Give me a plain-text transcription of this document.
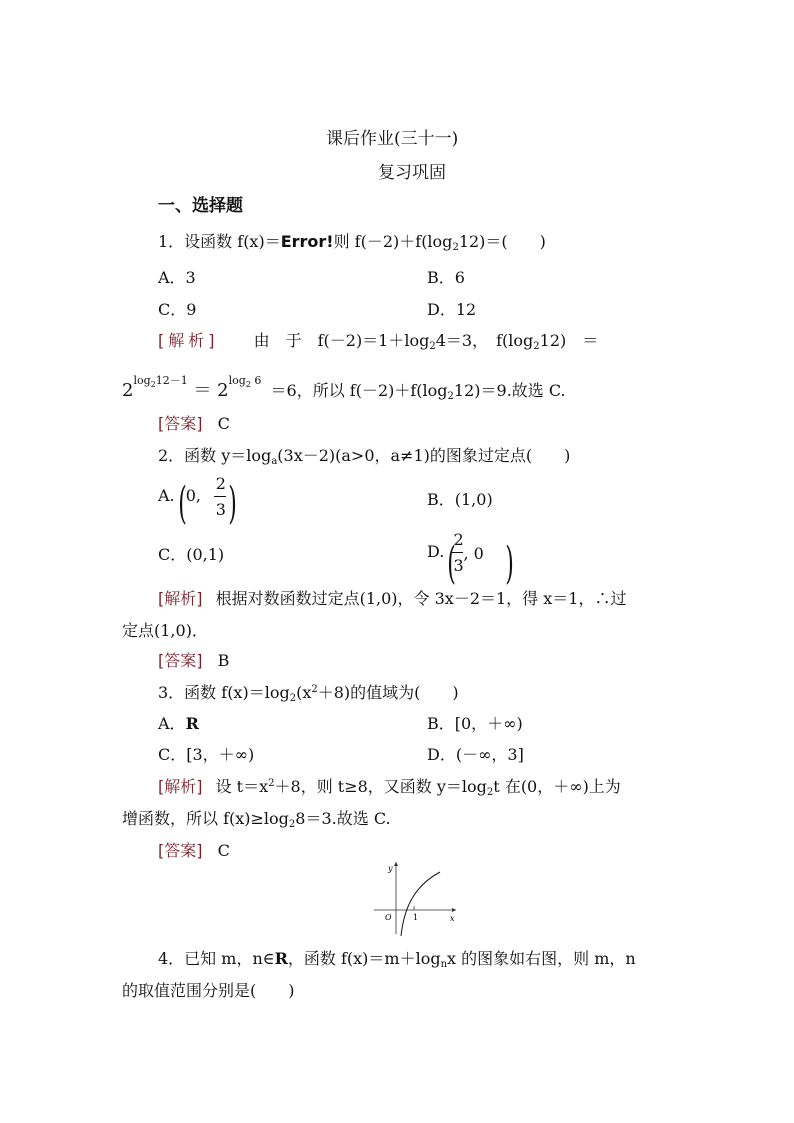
课后作业(三十一)
复习巩固
一、选择题
1．设函数 f(x)＝Error!则 $f(-2)+f(\log_212)=$(　　)
A．3	B．6
C．9	D．12
[解析] 由　于　$f(-2)=1+\log_24=3$，　$f(\log_212)$　＝
$2^{log_212-1} = 2^{log_2 6} =6$，所以 $f(-2)+f(\log_212)=9$.故选 C.
[答案] C
2．函数 $y=\log_a(3x-2)(a>0$，a≠1)的图象过定点(　　)
A. ( 0,
2
3 )	B．(1,0)
C．(0,1)	D. (
2
3
, 0 )
[解析] 根据对数函数过定点(1,0)，令 3x－2＝1，得 x＝1，∴过
定点(1,0)．
[答案] B
3．函数 $f(x)=\log_2(x^2+8)$的值域为(　　)
A．R	B．[0，＋∞)
C．[3，＋∞)	D．(－∞，3]
[解析] 设 $t=x^2+8$，则 t≥8，又函数 $y=\log_2t$ 在(0，＋∞)上为
增函数，所以 $f(x)\ge\log_28=3$.故选 C.
[答案] C
y
x
O	1
4．已知 m，n∈R，函数 $f(x)=m+\log_nx$ 的图象如右图，则 m，n
的取值范围分别是(　　)
